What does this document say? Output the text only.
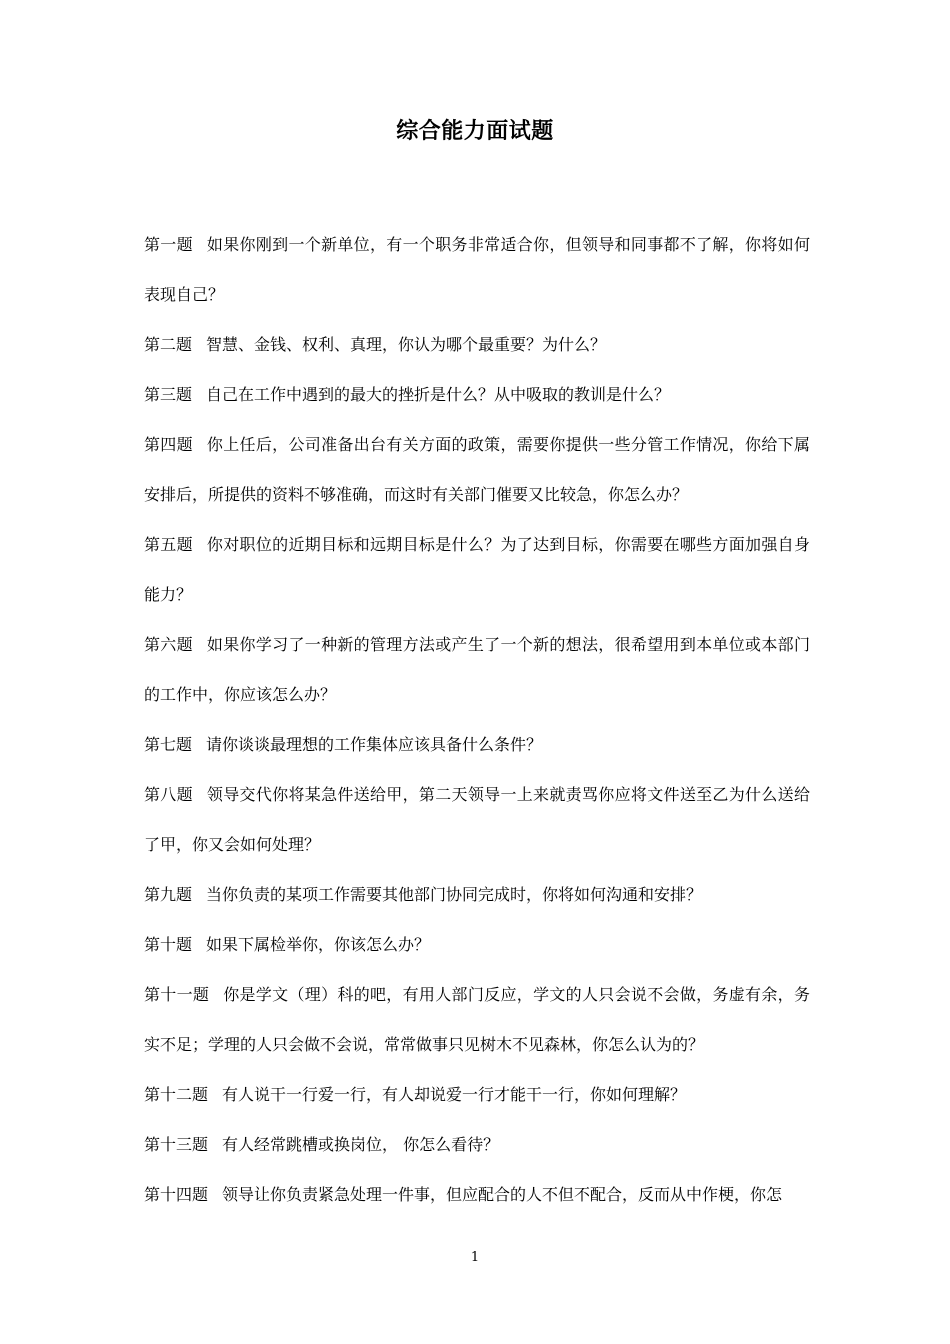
综合能力面试题

第一题 如果你刚到一个新单位，有一个职务非常适合你，但领导和同事都不了解，你将如何表现自己？

第二题 智慧、金钱、权利、真理，你认为哪个最重要？为什么？

第三题 自己在工作中遇到的最大的挫折是什么？从中吸取的教训是什么？

第四题 你上任后，公司准备出台有关方面的政策，需要你提供一些分管工作情况，你给下属安排后，所提供的资料不够准确，而这时有关部门催要又比较急，你怎么办？

第五题 你对职位的近期目标和远期目标是什么？为了达到目标，你需要在哪些方面加强自身能力？

第六题 如果你学习了一种新的管理方法或产生了一个新的想法，很希望用到本单位或本部门的工作中，你应该怎么办？

第七题 请你谈谈最理想的工作集体应该具备什么条件？

第八题 领导交代你将某急件送给甲，第二天领导一上来就责骂你应将文件送至乙为什么送给了甲，你又会如何处理？

第九题 当你负责的某项工作需要其他部门协同完成时，你将如何沟通和安排？

第十题 如果下属检举你，你该怎么办？

第十一题 你是学文（理）科的吧，有用人部门反应，学文的人只会说不会做，务虚有余，务实不足；学理的人只会做不会说，常常做事只见树木不见森林，你怎么认为的？

第十二题 有人说干一行爱一行，有人却说爱一行才能干一行，你如何理解？

第十三题 有人经常跳槽或换岗位， 你怎么看待？

第十四题 领导让你负责紧急处理一件事，但应配合的人不但不配合，反而从中作梗，你怎

1
